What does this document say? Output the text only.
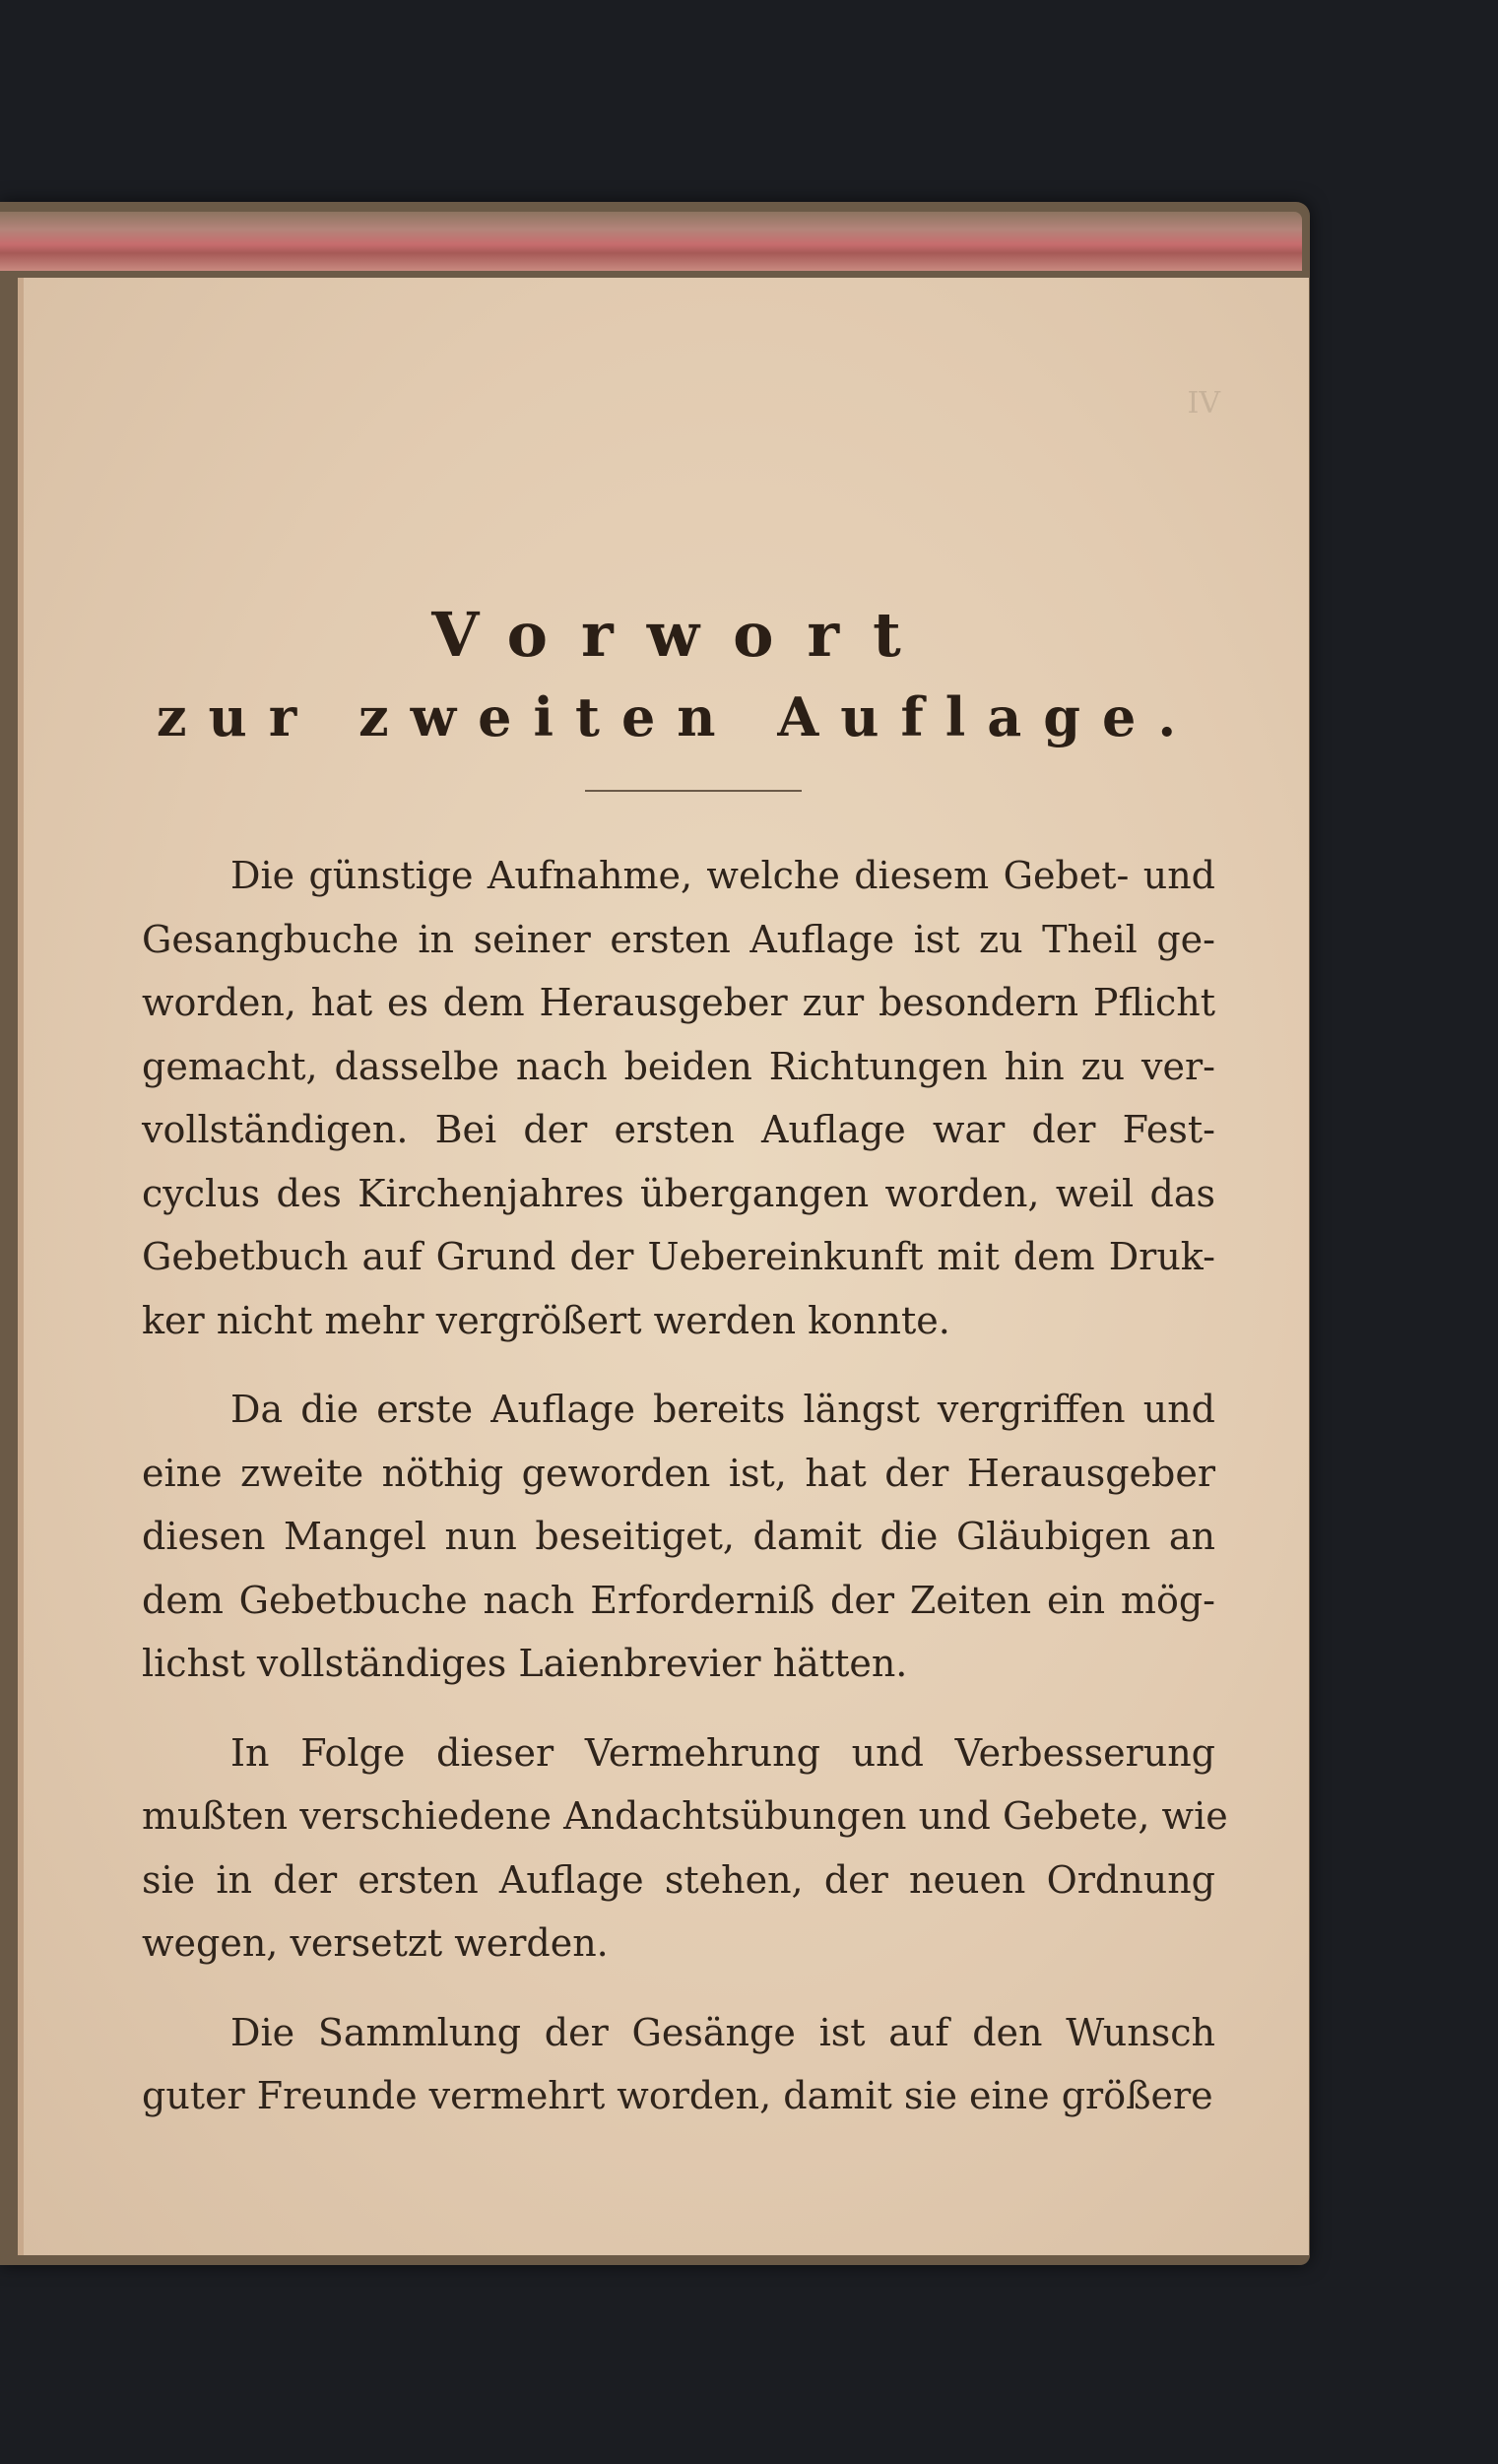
IV
Vorwort
zur zweiten Auflage.
Die günstige Aufnahme, welche diesem Gebet- und
Gesangbuche in seiner ersten Auflage ist zu Theil ge-
worden, hat es dem Herausgeber zur besondern Pflicht
gemacht, dasselbe nach beiden Richtungen hin zu ver-
vollständigen. Bei der ersten Auflage war der Fest-
cyclus des Kirchenjahres übergangen worden, weil das
Gebetbuch auf Grund der Uebereinkunft mit dem Druk-
ker nicht mehr vergrößert werden konnte.
Da die erste Auflage bereits längst vergriffen und
eine zweite nöthig geworden ist, hat der Herausgeber
diesen Mangel nun beseitiget, damit die Gläubigen an
dem Gebetbuche nach Erforderniß der Zeiten ein mög-
lichst vollständiges Laienbrevier hätten.
In Folge dieser Vermehrung und Verbesserung
mußten verschiedene Andachtsübungen und Gebete, wie
sie in der ersten Auflage stehen, der neuen Ordnung
wegen, versetzt werden.
Die Sammlung der Gesänge ist auf den Wunsch
guter Freunde vermehrt worden, damit sie eine größere
